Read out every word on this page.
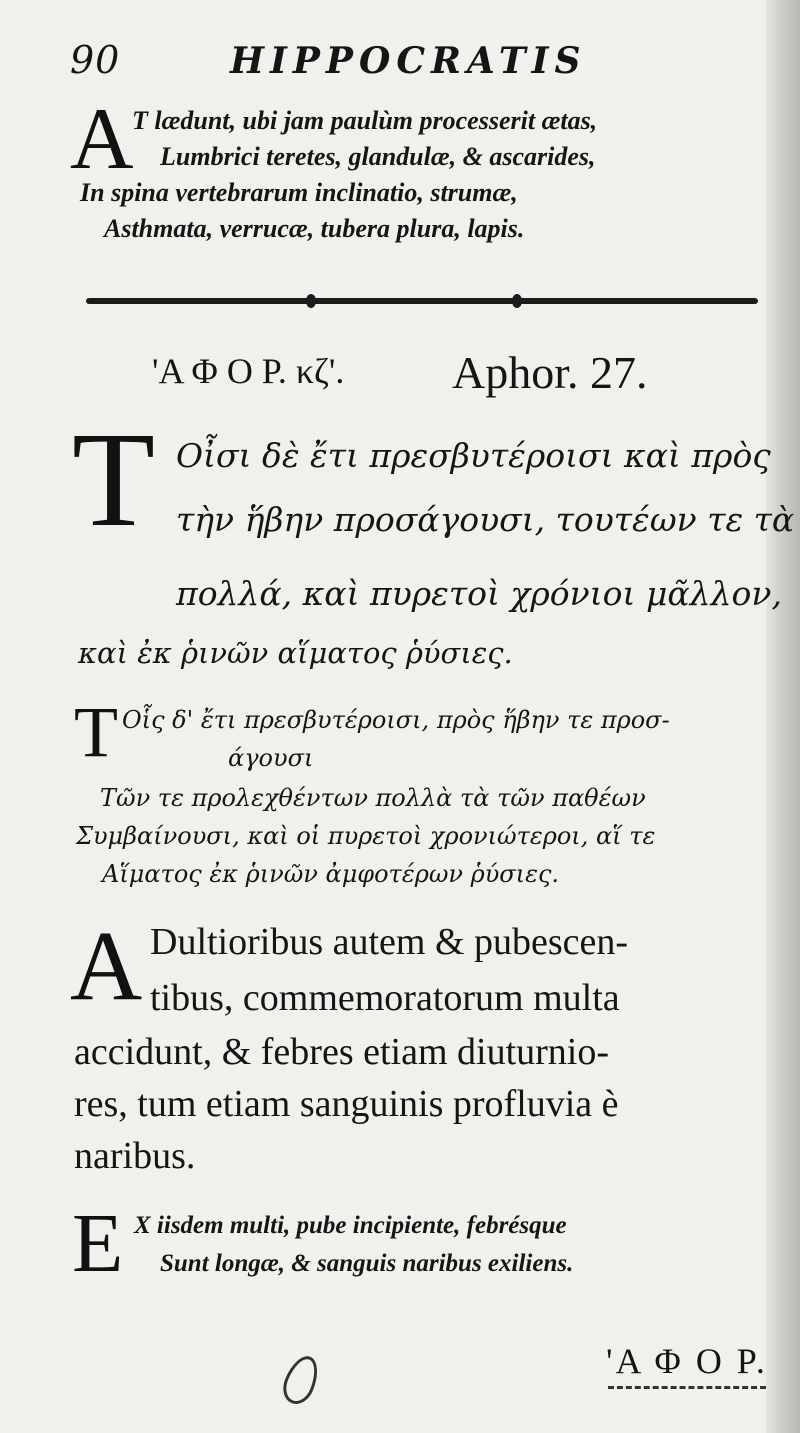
90	HIPPOCRATIS
A
T lædunt, ubi jam paulùm processerit ætas,
Lumbrici teretes, glandulæ, & ascarides,
In spina vertebrarum inclinatio, strumæ,
Asthmata, verrucæ, tubera plura, lapis.
'Α Φ Ο Ρ. κζ'. Aphor. 27.
T Οἶσι δὲ ἔτι πρεσβυτέροισι καὶ πρὸς
τὴν ἥβην προσάγουσι, τουτέων τε τὰ
πολλά, καὶ πυρετοὶ χρόνιοι μᾶλλον,
καὶ ἐκ ῥινῶν αἵματος ῥύσιες.
T Οἷς δ' ἔτι πρεσβυτέροισι, πρὸς ἥβην τε προσ-
άγουσι
Τῶν τε προλεχθέντων πολλὰ τὰ τῶν παθέων
Συμβαίνουσι, καὶ οἱ πυρετοὶ χρονιώτεροι, αἵ τε
Αἵματος ἐκ ῥινῶν ἀμφοτέρων ῥύσιες.
A Dultioribus autem & pubescen-
tibus, commemoratorum multa
accidunt, & febres etiam diuturnio-
res, tum etiam sanguinis profluvia è
naribus.
E X iisdem multi, pube incipiente, febrésque
Sunt longæ, & sanguis naribus exiliens.
'Α Φ Ο Ρ.
